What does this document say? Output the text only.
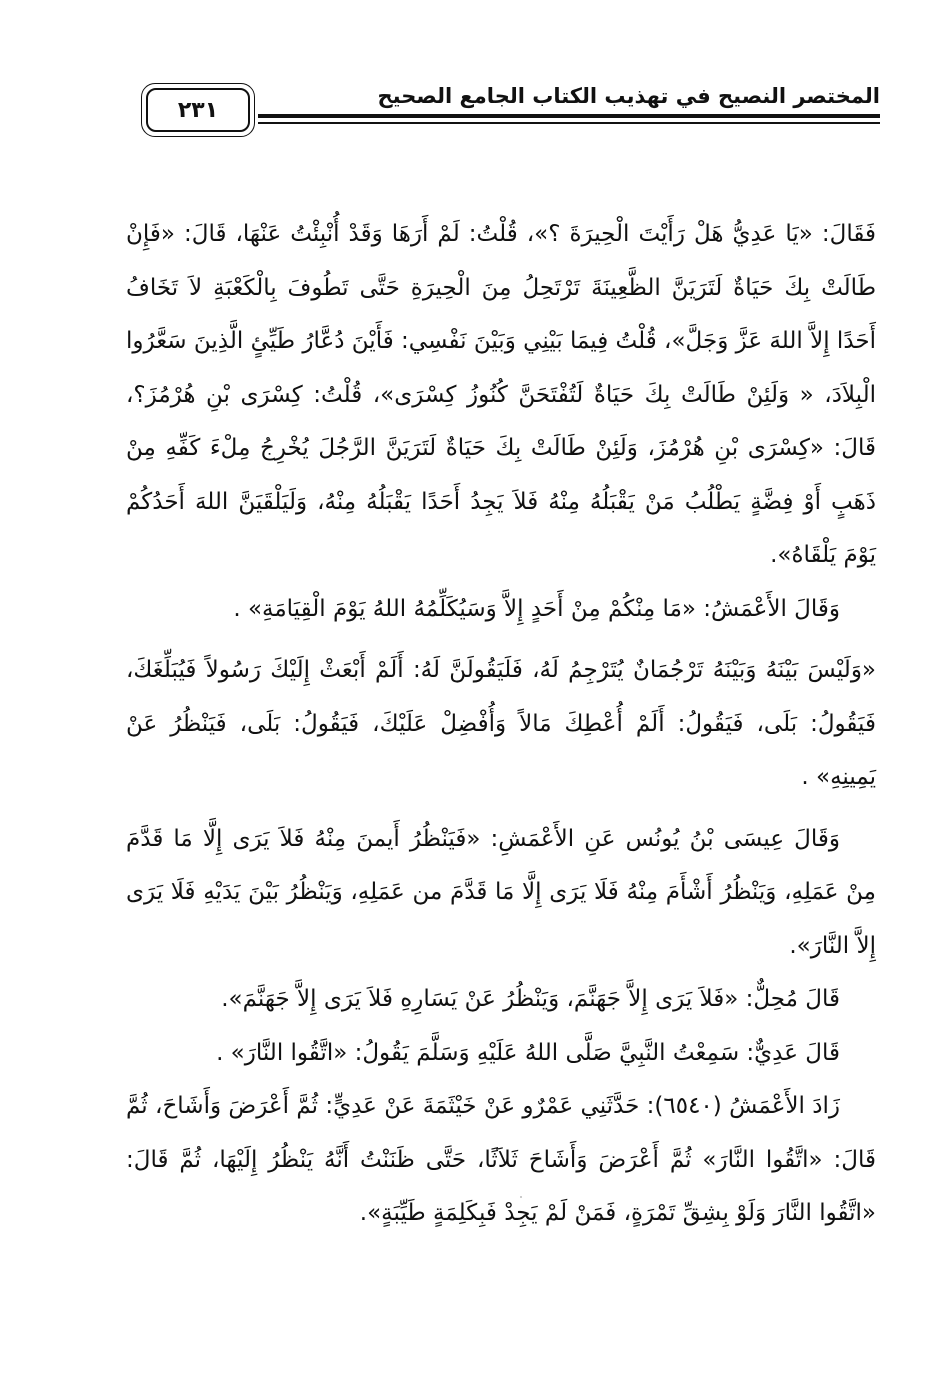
المختصر النصيح في تهذيب الكتاب الجامع الصحيح
٢٣١

فَقَالَ: «يَا عَدِيُّ هَلْ رَأَيْتَ الْحِيرَةَ ؟»، قُلْتُ: لَمْ أَرَهَا وَقَدْ أُنْبِئْتُ عَنْهَا، قَالَ: «فَإِنْ طَالَتْ بِكَ حَيَاةٌ لَتَرَيَنَّ الظَّعِينَةَ تَرْتَحِلُ مِنَ الْحِيرَةِ حَتَّى تَطُوفَ بِالْكَعْبَةِ لاَ تَخَافُ أَحَدًا إِلاَّ اللهَ عَزَّ وَجَلَّ»، قُلْتُ فِيمَا بَيْنِي وَبَيْنَ نَفْسِي: فَأَيْنَ دُعَّارُ طَيِّئٍ الَّذِينَ سَعَّرُوا الْبِلاَدَ، « وَلَئِنْ طَالَتْ بِكَ حَيَاةٌ لَتُفْتَحَنَّ كُنُوزُ كِسْرَى»، قُلْتُ: كِسْرَى بْنِ هُرْمُزَ؟، قَالَ: «كِسْرَى بْنِ هُرْمُزَ، وَلَئِنْ طَالَتْ بِكَ حَيَاةٌ لَتَرَيَنَّ الرَّجُلَ يُخْرِجُ مِلْءَ كَفِّهِ مِنْ ذَهَبٍ أَوْ فِضَّةٍ يَطْلُبُ مَنْ يَقْبَلُهُ مِنْهُ فَلاَ يَجِدُ أَحَدًا يَقْبَلُهُ مِنْهُ، وَلَيَلْقَيَنَّ اللهَ أَحَدُكُمْ يَوْمَ يَلْقَاهُ».

وَقَالَ الأَعْمَشُ: «مَا مِنْكُمْ مِنْ أَحَدٍ إِلاَّ وَسَيُكَلِّمُهُ اللهُ يَوْمَ الْقِيَامَةِ» .

«وَلَيْسَ بَيْنَهُ وَبَيْنَهُ تَرْجُمَانٌ يُتَرْجِمُ لَهُ، فَلَيَقُولَنَّ لَهُ: أَلَمْ أَبْعَثْ إِلَيْكَ رَسُولاً فَيُبَلِّغَكَ، فَيَقُولُ: بَلَى، فَيَقُولُ: أَلَمْ أُعْطِكَ مَالاً وَأُفْضِلْ عَلَيْكَ، فَيَقُولُ: بَلَى، فَيَنْظُرُ عَنْ يَمِينِهِ» .

وَقَالَ عِيسَى بْنُ يُونُس عَنِ الأَعْمَشِ: «فَيَنْظُرُ أَيمنَ مِنْهُ فَلاَ يَرَى إِلَّا مَا قَدَّمَ مِنْ عَمَلِهِ، وَيَنْظُرُ أَشْأَمَ مِنْهُ فَلَا يَرَى إِلَّا مَا قَدَّمَ من عَمَلِهِ، وَيَنْظُرُ بَيْنَ يَدَيْهِ فَلَا يَرَى إِلاَّ النَّارَ».

قَالَ مُحِلٌّ: «فَلاَ يَرَى إِلاَّ جَهَنَّمَ، وَيَنْظُرُ عَنْ يَسَارِهِ فَلاَ يَرَى إِلاَّ جَهَنَّمَ».

قَالَ عَدِيٌّ: سَمِعْتُ النَّبِيَّ صَلَّى اللهُ عَلَيْهِ وَسَلَّمَ يَقُولُ: «اتَّقُوا النَّارَ» .

زَادَ الأَعْمَشُ (٦٥٤٠): حَدَّثَنِي عَمْرٌو عَنْ خَيْثَمَةَ عَنْ عَدِيٍّ: ثُمَّ أَعْرَضَ وَأَشَاحَ، ثُمَّ قَالَ: «اتَّقُوا النَّارَ» ثُمَّ أَعْرَضَ وَأَشَاحَ ثَلاَثًا، حَتَّى ظَنَنْتُ أَنَّهُ يَنْظُرُ إِلَيْهَا، ثُمَّ قَالَ: «اتَّقُوا النَّارَ وَلَوْ بِشِقِّ تَمْرَةٍ، فَمَنْ لَمْ يَجِدْ فَبِكَلِمَةٍ طَيِّبَةٍ».
